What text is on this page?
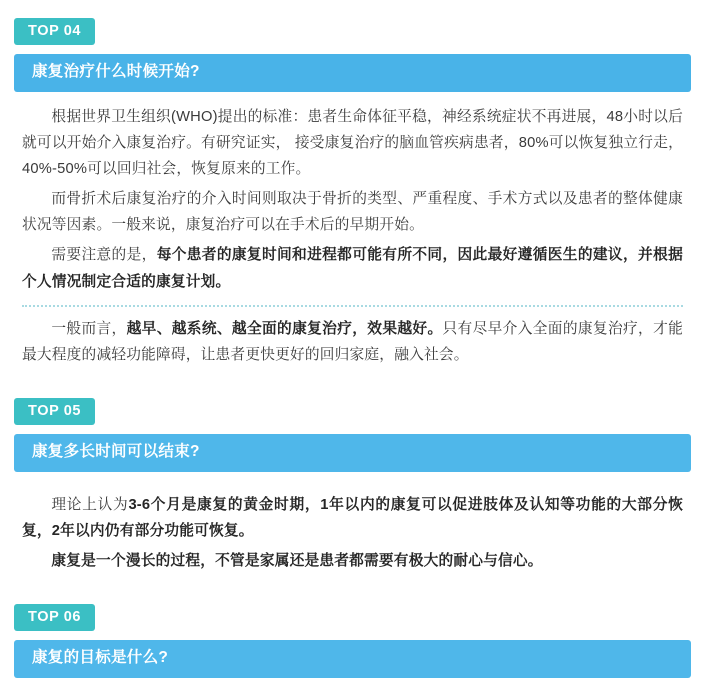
TOP 04
康复治疗什么时候开始?

根据世界卫生组织(WHO)提出的标准：患者生命体征平稳，神经系统症状不再进展，48小时以后就可以开始介入康复治疗。有研究证实， 接受康复治疗的脑血管疾病患者，80%可以恢复独立行走，40%-50%可以回归社会，恢复原来的工作。

而骨折术后康复治疗的介入时间则取决于骨折的类型、严重程度、手术方式以及患者的整体健康状况等因素。一般来说，康复治疗可以在手术后的早期开始。

需要注意的是，每个患者的康复时间和进程都可能有所不同，因此最好遵循医生的建议，并根据个人情况制定合适的康复计划。

一般而言，越早、越系统、越全面的康复治疗，效果越好。只有尽早介入全面的康复治疗，才能最大程度的减轻功能障碍，让患者更快更好的回归家庭，融入社会。

TOP 05
康复多长时间可以结束?

理论上认为3-6个月是康复的黄金时期，1年以内的康复可以促进肢体及认知等功能的大部分恢复，2年以内仍有部分功能可恢复。

康复是一个漫长的过程，不管是家属还是患者都需要有极大的耐心与信心。

TOP 06
康复的目标是什么?
